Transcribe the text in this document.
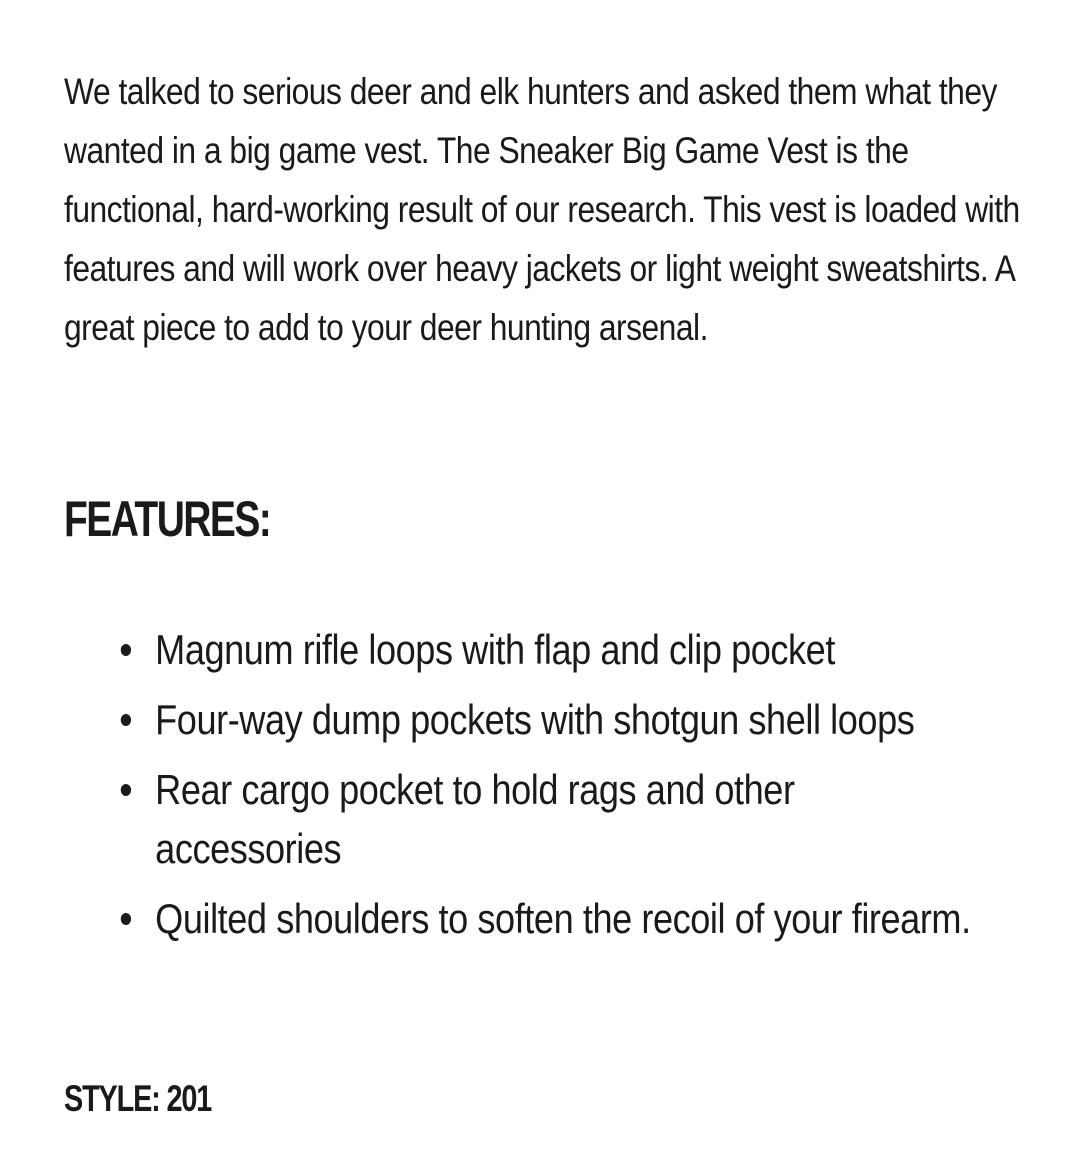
We talked to serious deer and elk hunters and asked them what they wanted in a big game vest. The Sneaker Big Game Vest is the functional, hard-working result of our research. This vest is loaded with features and will work over heavy jackets or light weight sweatshirts. A great piece to add to your deer hunting arsenal.

FEATURES:
Magnum rifle loops with flap and clip pocket
Four-way dump pockets with shotgun shell loops
Rear cargo pocket to hold rags and other accessories
Quilted shoulders to soften the recoil of your firearm.

STYLE: 201
